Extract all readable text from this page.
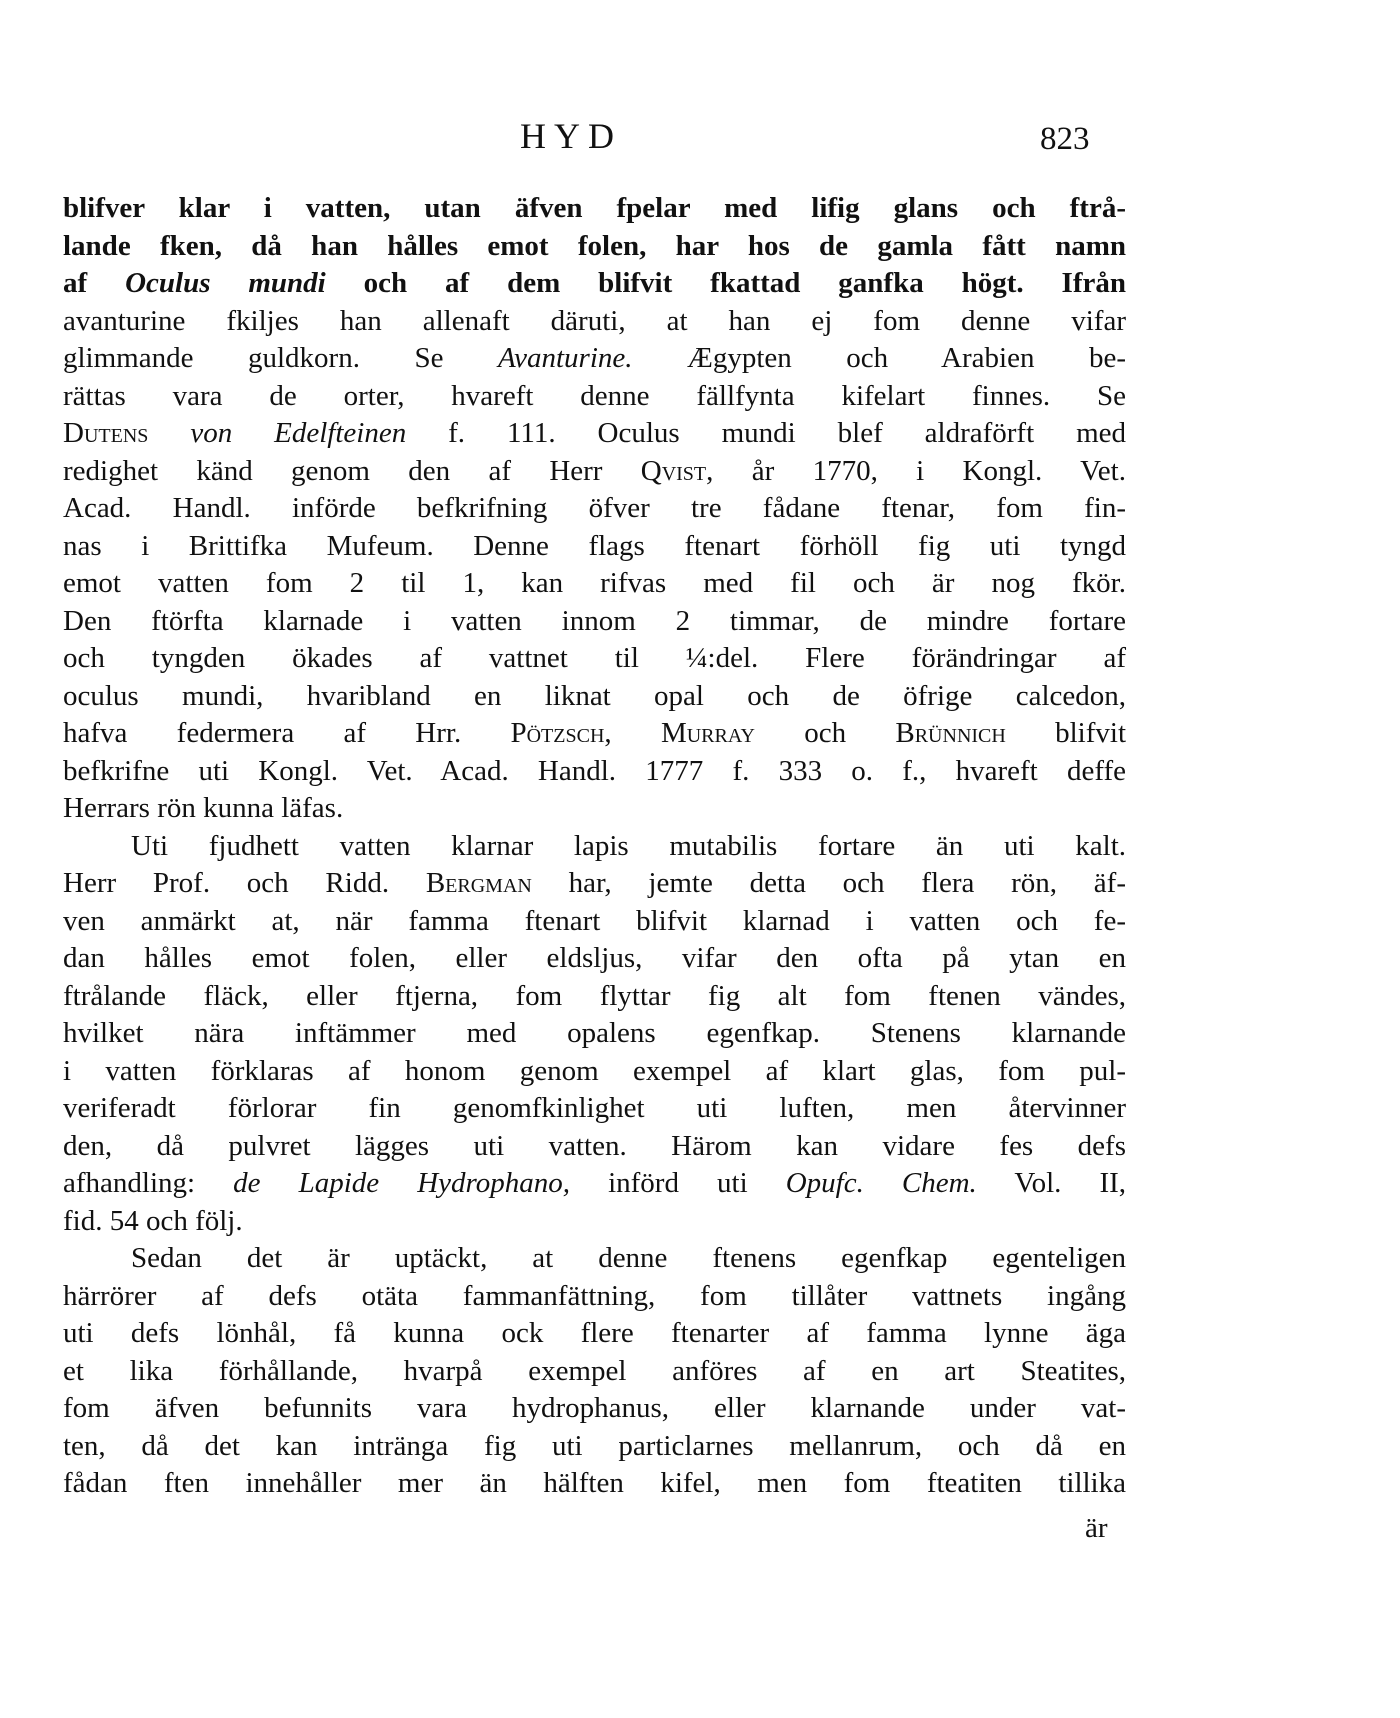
HYD	823
blifver klar i vatten, utan äfven fpelar med lifig glans och ftrå-
lande fken, då han hålles emot folen, har hos de gamla fått namn
af Oculus mundi och af dem blifvit fkattad ganfka högt. Ifrån
avanturine fkiljes han allenaft däruti, at han ej fom denne vifar
glimmande guldkorn. Se Avanturine. Ægypten och Arabien be-
rättas vara de orter, hvareft denne fällfynta kifelart finnes. Se
Dutens von Edelfteinen f. 111. Oculus mundi blef aldraförft med
redighet känd genom den af Herr Qvist, år 1770, i Kongl. Vet.
Acad. Handl. införde befkrifning öfver tre fådane ftenar, fom fin-
nas i Brittifka Mufeum. Denne flags ftenart förhöll fig uti tyngd
emot vatten fom 2 til 1, kan rifvas med fil och är nog fkör.
Den ftörfta klarnade i vatten innom 2 timmar, de mindre fortare
och tyngden ökades af vattnet til ¼:del. Flere förändringar af
oculus mundi, hvaribland en liknat opal och de öfrige calcedon,
hafva federmera af Hrr. Pötzsch, Murray och Brünnich blifvit
befkrifne uti Kongl. Vet. Acad. Handl. 1777 f. 333 o. f., hvareft deffe
Herrars rön kunna läfas.
Uti fjudhett vatten klarnar lapis mutabilis fortare än uti kalt.
Herr Prof. och Ridd. Bergman har, jemte detta och flera rön, äf-
ven anmärkt at, när famma ftenart blifvit klarnad i vatten och fe-
dan hålles emot folen, eller eldsljus, vifar den ofta på ytan en
ftrålande fläck, eller ftjerna, fom flyttar fig alt fom ftenen vändes,
hvilket nära inftämmer med opalens egenfkap. Stenens klarnande
i vatten förklaras af honom genom exempel af klart glas, fom pul-
veriferadt förlorar fin genomfkinlighet uti luften, men återvinner
den, då pulvret lägges uti vatten. Härom kan vidare fes defs
afhandling: de Lapide Hydrophano, införd uti Opufc. Chem. Vol. II,
fid. 54 och följ.
Sedan det är uptäckt, at denne ftenens egenfkap egenteligen
härrörer af defs otäta fammanfättning, fom tillåter vattnets ingång
uti defs lönhål, få kunna ock flere ftenarter af famma lynne äga
et lika förhållande, hvarpå exempel anföres af en art Steatites,
fom äfven befunnits vara hydrophanus, eller klarnande under vat-
ten, då det kan inträngа fig uti particlarnes mellanrum, och då en
fådan ften innehåller mer än hälften kifel, men fom fteatiten tillika
är
